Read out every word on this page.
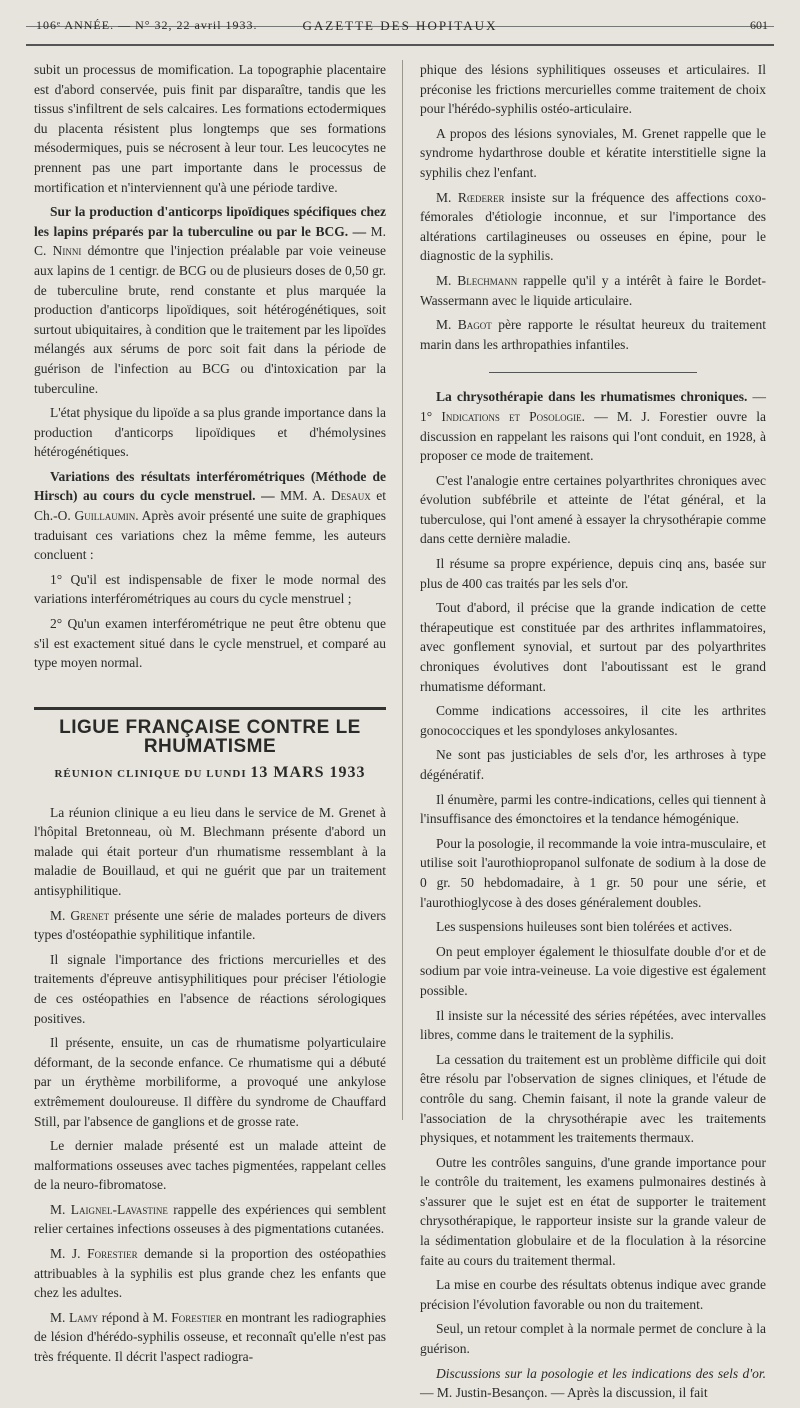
106ᵉ ANNÉE. — N° 32, 22 avril 1933.	GAZETTE DES HOPITAUX	601

subit un processus de momification. La topographie placentaire est d'abord conservée, puis finit par disparaître, tandis que les tissus s'infiltrent de sels calcaires. Les formations ectodermiques du placenta résistent plus longtemps que ses formations mésodermiques, puis se nécrosent à leur tour. Les leucocytes ne prennent pas une part importante dans le processus de mortification et n'interviennent qu'à une période tardive.

Sur la production d'anticorps lipoïdiques spécifiques chez les lapins préparés par la tuberculine ou par le BCG. — M. C. Ninni démontre que l'injection préalable par voie veineuse aux lapins de 1 centigr. de BCG ou de plusieurs doses de 0,50 gr. de tuberculine brute, rend constante et plus marquée la production d'anticorps lipoïdiques, soit hétérogénétiques, soit surtout ubiquitaires, à condition que le traitement par les lipoïdes mélangés aux sérums de porc soit fait dans la période de guérison de l'infection au BCG ou d'intoxication par la tuberculine.

L'état physique du lipoïde a sa plus grande importance dans la production d'anticorps lipoïdiques et d'hémolysines hétérogénétiques.

Variations des résultats interférométriques (Méthode de Hirsch) au cours du cycle menstruel. — MM. A. Desaux et Ch.-O. Guillaumin. Après avoir présenté une suite de graphiques traduisant ces variations chez la même femme, les auteurs concluent :

1° Qu'il est indispensable de fixer le mode normal des variations interférométriques au cours du cycle menstruel ;

2° Qu'un examen interférométrique ne peut être obtenu que s'il est exactement situé dans le cycle menstruel, et comparé au type moyen normal.

LIGUE FRANÇAISE CONTRE LE RHUMATISME
RÉUNION CLINIQUE DU LUNDI 13 MARS 1933

La réunion clinique a eu lieu dans le service de M. Grenet à l'hôpital Bretonneau, où M. Blechmann présente d'abord un malade qui était porteur d'un rhumatisme ressemblant à la maladie de Bouillaud, et qui ne guérit que par un traitement antisyphilitique.

M. Grenet présente une série de malades porteurs de divers types d'ostéopathie syphilitique infantile.

Il signale l'importance des frictions mercurielles et des traitements d'épreuve antisyphilitiques pour préciser l'étiologie de ces ostéopathies en l'absence de réactions sérologiques positives.

Il présente, ensuite, un cas de rhumatisme polyarticulaire déformant, de la seconde enfance. Ce rhumatisme qui a débuté par un érythème morbiliforme, a provoqué une ankylose extrêmement douloureuse. Il diffère du syndrome de Chauffard Still, par l'absence de ganglions et de grosse rate.

Le dernier malade présenté est un malade atteint de malformations osseuses avec taches pigmentées, rappelant celles de la neuro-fibromatose.

M. Laignel-Lavastine rappelle des expériences qui semblent relier certaines infections osseuses à des pigmentations cutanées.

M. J. Forestier demande si la proportion des ostéopathies attribuables à la syphilis est plus grande chez les enfants que chez les adultes.

M. Lamy répond à M. Forestier en montrant les radiographies de lésion d'hérédo-syphilis osseuse, et reconnaît qu'elle n'est pas très fréquente. Il décrit l'aspect radiogra-

phique des lésions syphilitiques osseuses et articulaires. Il préconise les frictions mercurielles comme traitement de choix pour l'hérédo-syphilis ostéo-articulaire.

A propos des lésions synoviales, M. Grenet rappelle que le syndrome hydarthrose double et kératite interstitielle signe la syphilis chez l'enfant.

M. Rœderer insiste sur la fréquence des affections coxo-fémorales d'étiologie inconnue, et sur l'importance des altérations cartilagineuses ou osseuses en épine, pour le diagnostic de la syphilis.

M. Blechmann rappelle qu'il y a intérêt à faire le Bordet-Wassermann avec le liquide articulaire.

M. Bagot père rapporte le résultat heureux du traitement marin dans les arthropathies infantiles.

La chrysothérapie dans les rhumatismes chroniques. — 1° Indications et Posologie. — M. J. Forestier ouvre la discussion en rappelant les raisons qui l'ont conduit, en 1928, à proposer ce mode de traitement.

C'est l'analogie entre certaines polyarthrites chroniques avec évolution subfébrile et atteinte de l'état général, et la tuberculose, qui l'ont amené à essayer la chrysothérapie comme dans cette dernière maladie.

Il résume sa propre expérience, depuis cinq ans, basée sur plus de 400 cas traités par les sels d'or.

Tout d'abord, il précise que la grande indication de cette thérapeutique est constituée par des arthrites inflammatoires, avec gonflement synovial, et surtout par des polyarthrites chroniques évolutives dont l'aboutissant est le grand rhumatisme déformant.

Comme indications accessoires, il cite les arthrites gonococciques et les spondyloses ankylosantes.

Ne sont pas justiciables de sels d'or, les arthroses à type dégénératif.

Il énumère, parmi les contre-indications, celles qui tiennent à l'insuffisance des émonctoires et la tendance hémogénique.

Pour la posologie, il recommande la voie intra-musculaire, et utilise soit l'aurothiopropanol sulfonate de sodium à la dose de 0 gr. 50 hebdomadaire, à 1 gr. 50 pour une série, et l'aurothioglycose à des doses généralement doubles.

Les suspensions huileuses sont bien tolérées et actives.

On peut employer également le thiosulfate double d'or et de sodium par voie intra-veineuse. La voie digestive est également possible.

Il insiste sur la nécessité des séries répétées, avec intervalles libres, comme dans le traitement de la syphilis.

La cessation du traitement est un problème difficile qui doit être résolu par l'observation de signes cliniques, et l'étude de contrôle du sang. Chemin faisant, il note la grande valeur de l'association de la chrysothérapie avec les traitements physiques, et notamment les traitements thermaux.

Outre les contrôles sanguins, d'une grande importance pour le contrôle du traitement, les examens pulmonaires destinés à s'assurer que le sujet est en état de supporter le traitement chrysothérapique, le rapporteur insiste sur la grande valeur de la sédimentation globulaire et de la floculation à la résorcine faite au cours du traitement thermal.

La mise en courbe des résultats obtenus indique avec grande précision l'évolution favorable ou non du traitement.

Seul, un retour complet à la normale permet de conclure à la guérison.

Discussions sur la posologie et les indications des sels d'or. — M. Justin-Besançon. — Après la discussion, il fait
